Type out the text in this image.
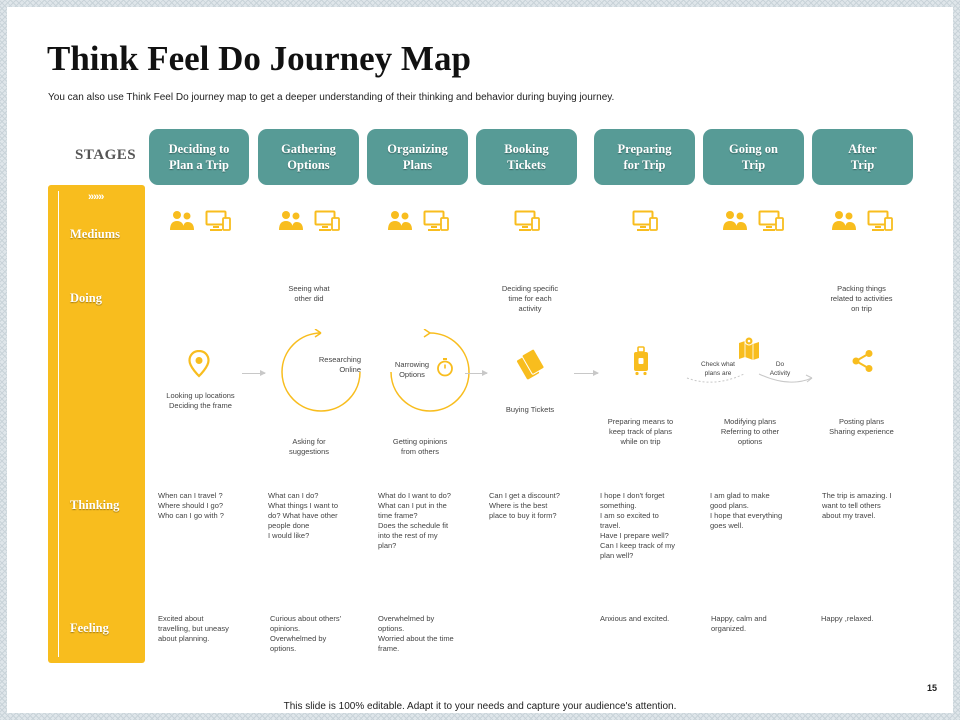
Think Feel Do Journey Map
You can also use Think Feel Do journey map to get a deeper understanding of their thinking and behavior during buying journey.
STAGES	Deciding to
Plan a Trip
Gathering
Options
Organizing
Plans
Booking
Tickets
Preparing
for Trip
Going on
Trip
After
Trip
»»»
Mediums
Doing
Thinking
Feeling
Seeing what
other did
Deciding specific
time for each
activity
Packing things
related to activities
on trip
Looking up locations
Deciding the frame
Researching
Online
Narrowing
Options
Buying Tickets
Preparing means to
keep track of plans
while on trip
Check what
plans are
Do
Activity
Modifying plans
Referring to other
options
Posting plans
Sharing experience
Asking for
suggestions
Getting opinions
from others
When can I travel ?
Where should I go?
Who can I go with ?
What can I do?
What things I want to
do? What have other
people done
I would like?
What do I want to do?
What can I put in the
time frame?
Does the schedule fit
into the rest of my
plan?
Can I get a discount?
Where is the best
place to buy it form?
I hope I don't forget
something.
I am so excited to
travel.
Have I prepare well?
Can I keep track of my
plan well?
I am glad to make
good plans.
I hope that everything
goes well.
The trip is amazing. I
want to tell others
about my travel.
Excited about
travelling, but uneasy
about planning.
Curious about others'
opinions.
Overwhelmed by
options.
Overwhelmed by
options.
Worried about the time
frame.
Anxious and excited.	Happy, calm and
organized.
Happy ,relaxed.
15
This slide is 100% editable. Adapt it to your needs and capture your audience's attention.
